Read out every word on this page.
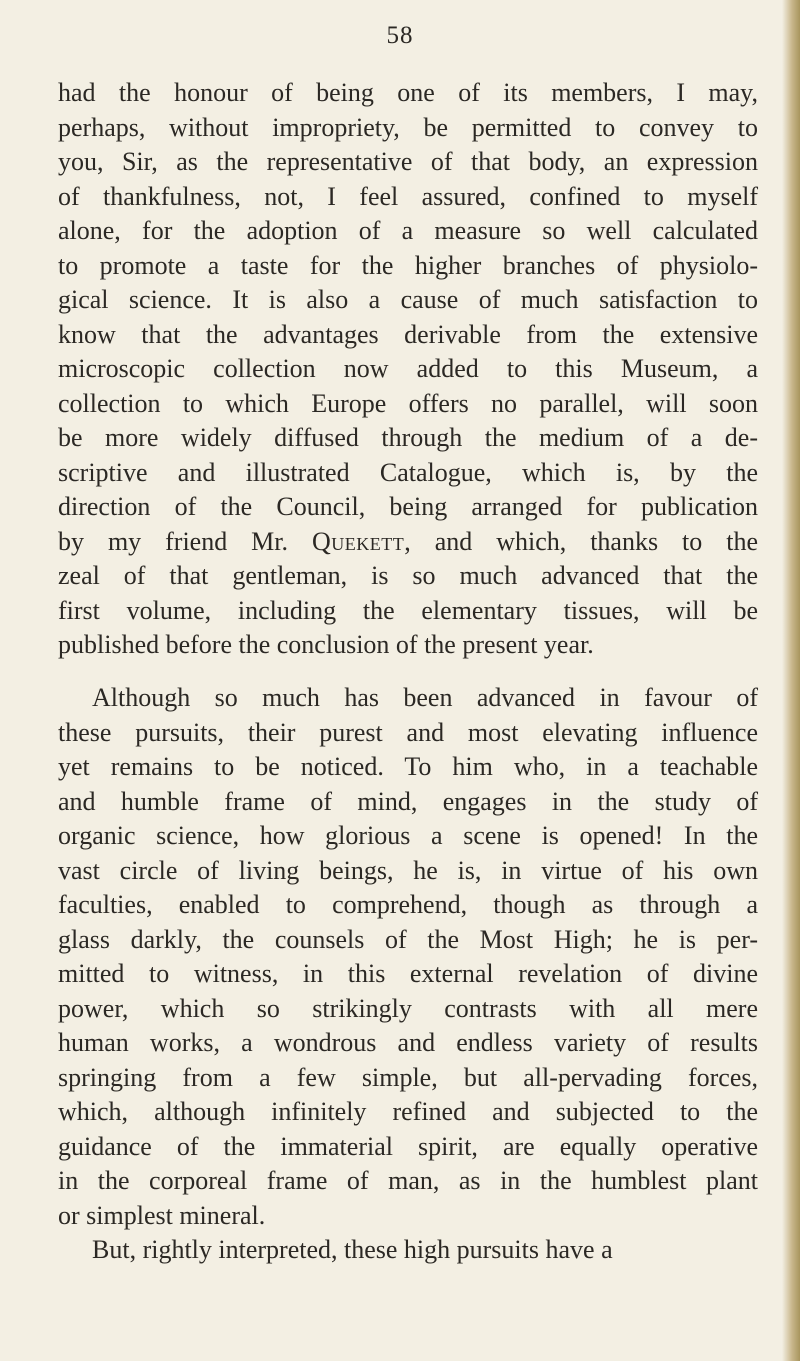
58
had the honour of being one of its members, I may,
perhaps, without impropriety, be permitted to convey to
you, Sir, as the representative of that body, an expression
of thankfulness, not, I feel assured, confined to myself
alone, for the adoption of a measure so well calculated
to promote a taste for the higher branches of physiolo-
gical science. It is also a cause of much satisfaction to
know that the advantages derivable from the extensive
microscopic collection now added to this Museum, a
collection to which Europe offers no parallel, will soon
be more widely diffused through the medium of a de-
scriptive and illustrated Catalogue, which is, by the
direction of the Council, being arranged for publication
by my friend Mr. Quekett, and which, thanks to the
zeal of that gentleman, is so much advanced that the
first volume, including the elementary tissues, will be
published before the conclusion of the present year.
Although so much has been advanced in favour of
these pursuits, their purest and most elevating influence
yet remains to be noticed. To him who, in a teachable
and humble frame of mind, engages in the study of
organic science, how glorious a scene is opened! In the
vast circle of living beings, he is, in virtue of his own
faculties, enabled to comprehend, though as through a
glass darkly, the counsels of the Most High; he is per-
mitted to witness, in this external revelation of divine
power, which so strikingly contrasts with all mere
human works, a wondrous and endless variety of results
springing from a few simple, but all-pervading forces,
which, although infinitely refined and subjected to the
guidance of the immaterial spirit, are equally operative
in the corporeal frame of man, as in the humblest plant
or simplest mineral.
But, rightly interpreted, these high pursuits have a
